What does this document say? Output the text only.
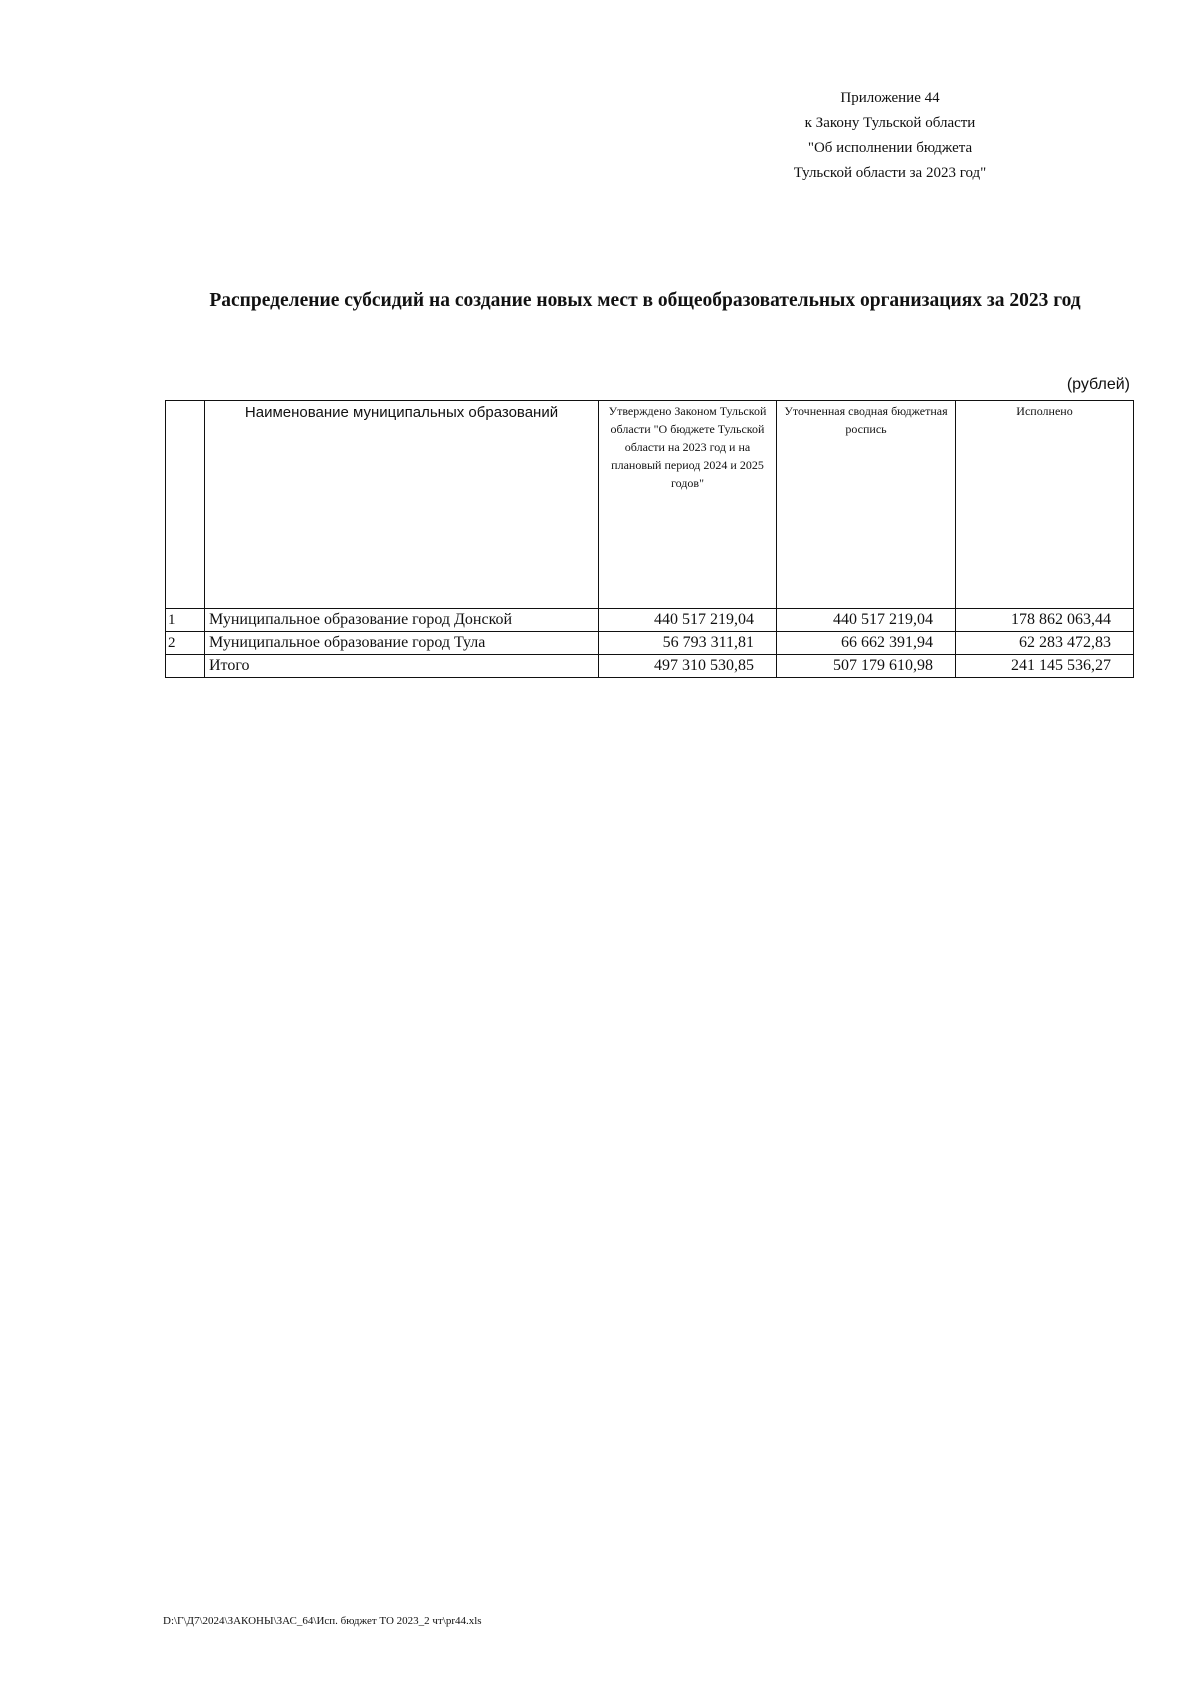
Приложение 44
к Закону Тульской области
"Об исполнении бюджета
Тульской области за 2023 год"
Распределение субсидий на создание новых мест в общеобразовательных организациях за 2023 год
(рублей)
	Наименование муниципальных образований	Утверждено Законом Тульской области "О бюджете Тульской области на 2023 год и на плановый период 2024 и 2025 годов"	Уточненная сводная бюджетная роспись	Исполнено
1	Муниципальное образование город Донской	440 517 219,04	440 517 219,04	178 862 063,44
2	Муниципальное образование город Тула	56 793 311,81	66 662 391,94	62 283 472,83
	Итого	497 310 530,85	507 179 610,98	241 145 536,27
D:\Г\Д7\2024\ЗАКОНЫ\ЗАС_64\Исп. бюджет ТО 2023_2 чт\pr44.xls
